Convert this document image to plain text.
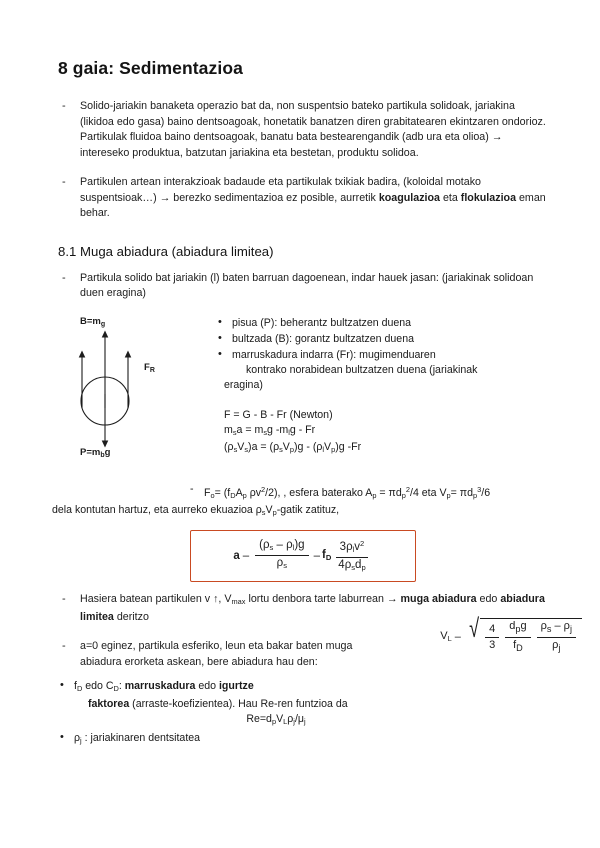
8 gaia: Sedimentazioa
-	Solido-jariakin banaketa operazio bat da, non suspentsio bateko partikula solidoak, jariakina (likidoa edo gasa) baino dentsoagoak, honetatik banatzen diren grabitatearen ekintzaren ondorioz.

Partikulak fluidoa baino dentsoagoak, banatu bata bestearengandik (adb ura eta olioa) → intereseko produktua, batzutan jariakina eta bestetan, produktu solidoa.

-	Partikulen artean interakzioak badaude eta partikulak txikiak badira, (koloidal motako suspentsioak…) → berezko sedimentazioa ez posible, aurretik koagulazioa eta flokulazioa eman behar.

8.1 Muga abiadura (abiadura limitea)
-	Partikula solido bat jariakin (l) baten barruan dagoenean, indar hauek jasan: (jariakinak solidoan duen eragina)
$B=m_g$
$F_R$
$P=m_bg$
• pisua (P): beherantz bultzatzen duena
• bultzada (B): gorantz bultzatzen duena
• marruskadura indarra (Fr): mugimenduaren
kontrako norabidean bultzatzen duena (jariakinak
eragina)
F = G - B - Fr (Newton)
$m_sa = m_sg$ $-m_lg$ - Fr
$(\rho_sV_s)a = (\rho_sV_p)g - (\rho_lV_p)g$ -Fr
- $F_o= (f_DA_p$ $\rho v^2/2$), , esfera baterako $A_p = \pi d_p^2/4$ eta $V_p= \pi d_p^3/6$
dela kontutan hartuz, eta aurreko ekuazioa $\rho_sV_p$-gatik zatituz,
a – $\frac{(\rho_s - \rho_l)g}{\rho_s} - f_D \frac{3\rho_lv^2}{4\rho_sd_p}$
-	Hasiera batean partikulen v ↑, $V_{max}$ lortu denbora tarte laburrean → muga abiadura edo abiadura limitea deritzo
-	a=0 eginez, partikula esferiko, leun eta bakar baten muga

abiadura erorketa askean, bere abiadura hau den:

• $f_D$ edo $C_D$: marruskadura edo igurtze
faktorea (arraste-koefizientea). Hau Re-ren funtzioa da
$Re=d_pV_L\rho_j/\mu_j$
• $\rho_j$ : jariakinaren dentsitatea
$V_L$ – √ $\frac{4}{3} \frac{d_pg}{f_D} \frac{\rho_s - \rho_j}{\rho_j}$
